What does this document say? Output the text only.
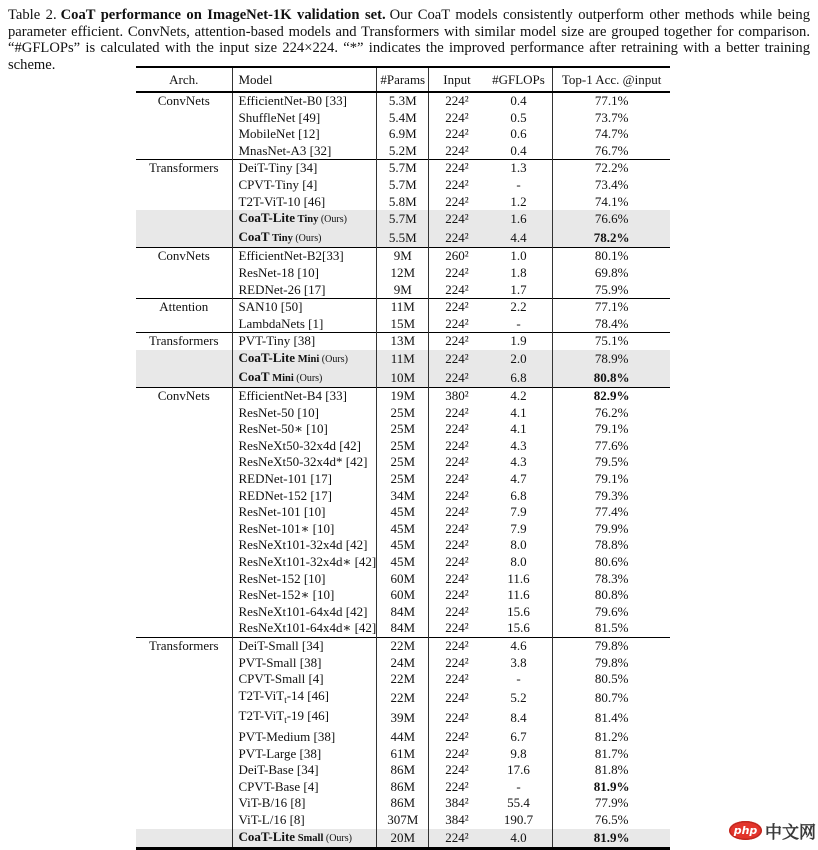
Table 2. CoaT performance on ImageNet-1K validation set. Our CoaT models consistently outperform other methods while being parameter efficient. ConvNets, attention-based models and Transformers with similar model size are grouped together for comparison. “#GFLOPs” is calculated with the input size 224×224. “*” indicates the improved performance after retraining with a better training scheme.

Arch.	Model	#Params	Input	#GFLOPs	Top-1 Acc. @input
ConvNets	EfficientNet-B0 [33]	5.3M	224²	0.4	77.1%
	ShuffleNet [49]	5.4M	224²	0.5	73.7%
	MobileNet [12]	6.9M	224²	0.6	74.7%
	MnasNet-A3 [32]	5.2M	224²	0.4	76.7%
Transformers	DeiT-Tiny [34]	5.7M	224²	1.3	72.2%
	CPVT-Tiny [4]	5.7M	224²	-	73.4%
	T2T-ViT-10 [46]	5.8M	224²	1.2	74.1%
	CoaT-Lite Tiny (Ours)	5.7M	224²	1.6	76.6%
	CoaT Tiny (Ours)	5.5M	224²	4.4	78.2%
ConvNets	EfficientNet-B2[33]	9M	260²	1.0	80.1%
	ResNet-18 [10]	12M	224²	1.8	69.8%
	REDNet-26 [17]	9M	224²	1.7	75.9%
Attention	SAN10 [50]	11M	224²	2.2	77.1%
	LambdaNets [1]	15M	224²	-	78.4%
Transformers	PVT-Tiny [38]	13M	224²	1.9	75.1%
	CoaT-Lite Mini (Ours)	11M	224²	2.0	78.9%
	CoaT Mini (Ours)	10M	224²	6.8	80.8%
ConvNets	EfficientNet-B4 [33]	19M	380²	4.2	82.9%
	ResNet-50 [10]	25M	224²	4.1	76.2%
	ResNet-50∗ [10]	25M	224²	4.1	79.1%
	ResNeXt50-32x4d [42]	25M	224²	4.3	77.6%
	ResNeXt50-32x4d* [42]	25M	224²	4.3	79.5%
	REDNet-101 [17]	25M	224²	4.7	79.1%
	REDNet-152 [17]	34M	224²	6.8	79.3%
	ResNet-101 [10]	45M	224²	7.9	77.4%
	ResNet-101∗ [10]	45M	224²	7.9	79.9%
	ResNeXt101-32x4d [42]	45M	224²	8.0	78.8%
	ResNeXt101-32x4d∗ [42]	45M	224²	8.0	80.6%
	ResNet-152 [10]	60M	224²	11.6	78.3%
	ResNet-152∗ [10]	60M	224²	11.6	80.8%
	ResNeXt101-64x4d [42]	84M	224²	15.6	79.6%
	ResNeXt101-64x4d∗ [42]	84M	224²	15.6	81.5%
Transformers	DeiT-Small [34]	22M	224²	4.6	79.8%
	PVT-Small [38]	24M	224²	3.8	79.8%
	CPVT-Small [4]	22M	224²	-	80.5%
	T2T-ViT$_t$-14 [46]	22M	224²	5.2	80.7%
	T2T-ViT$_t$-19 [46]	39M	224²	8.4	81.4%
	PVT-Medium [38]	44M	224²	6.7	81.2%
	PVT-Large [38]	61M	224²	9.8	81.7%
	DeiT-Base [34]	86M	224²	17.6	81.8%
	CPVT-Base [4]	86M	224²	-	81.9%
	ViT-B/16 [8]	86M	384²	55.4	77.9%
	ViT-L/16 [8]	307M	384²	190.7	76.5%
	CoaT-Lite Small (Ours)	20M	224²	4.0	81.9%	php 中文网
